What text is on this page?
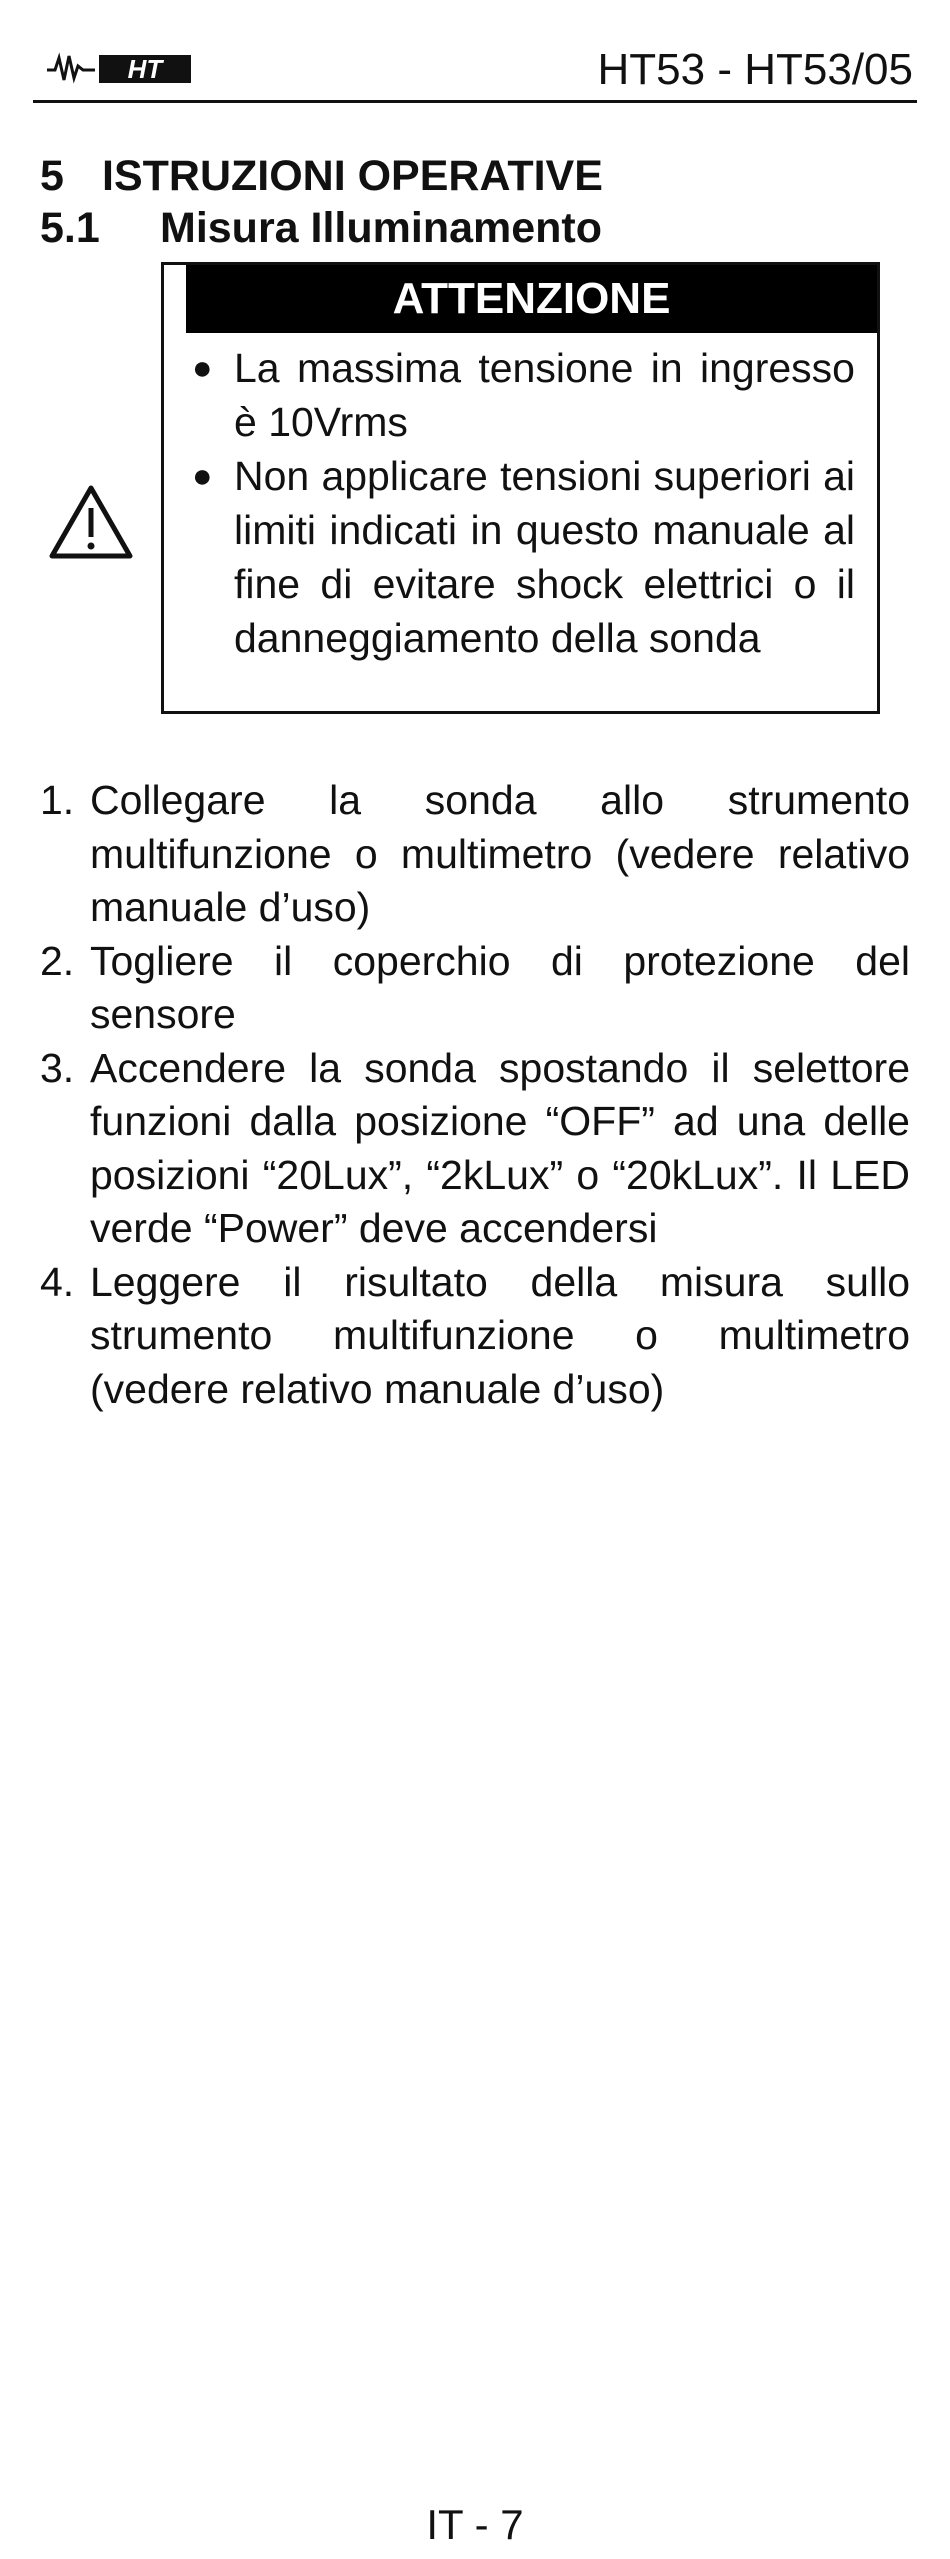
HT	HT53 - HT53/05
5 ISTRUZIONI OPERATIVE
5.1 Misura Illuminamento
ATTENZIONE
● La massima tensione in ingresso è 10Vrms
● Non applicare tensioni superiori ai limiti indicati in questo manuale al fine di evitare shock elettrici o il danneggiamento della sonda
1. Collegare la sonda allo strumento multifunzione o multimetro (vedere relativo manuale d’uso)
2. Togliere il coperchio di protezione del sensore
3. Accendere la sonda spostando il selettore funzioni dalla posizione “OFF” ad una delle posizioni “20Lux”, “2kLux” o “20kLux”. Il LED verde “Power” deve accendersi
4. Leggere il risultato della misura sullo strumento multifunzione o multimetro (vedere relativo manuale d’uso)
IT - 7
